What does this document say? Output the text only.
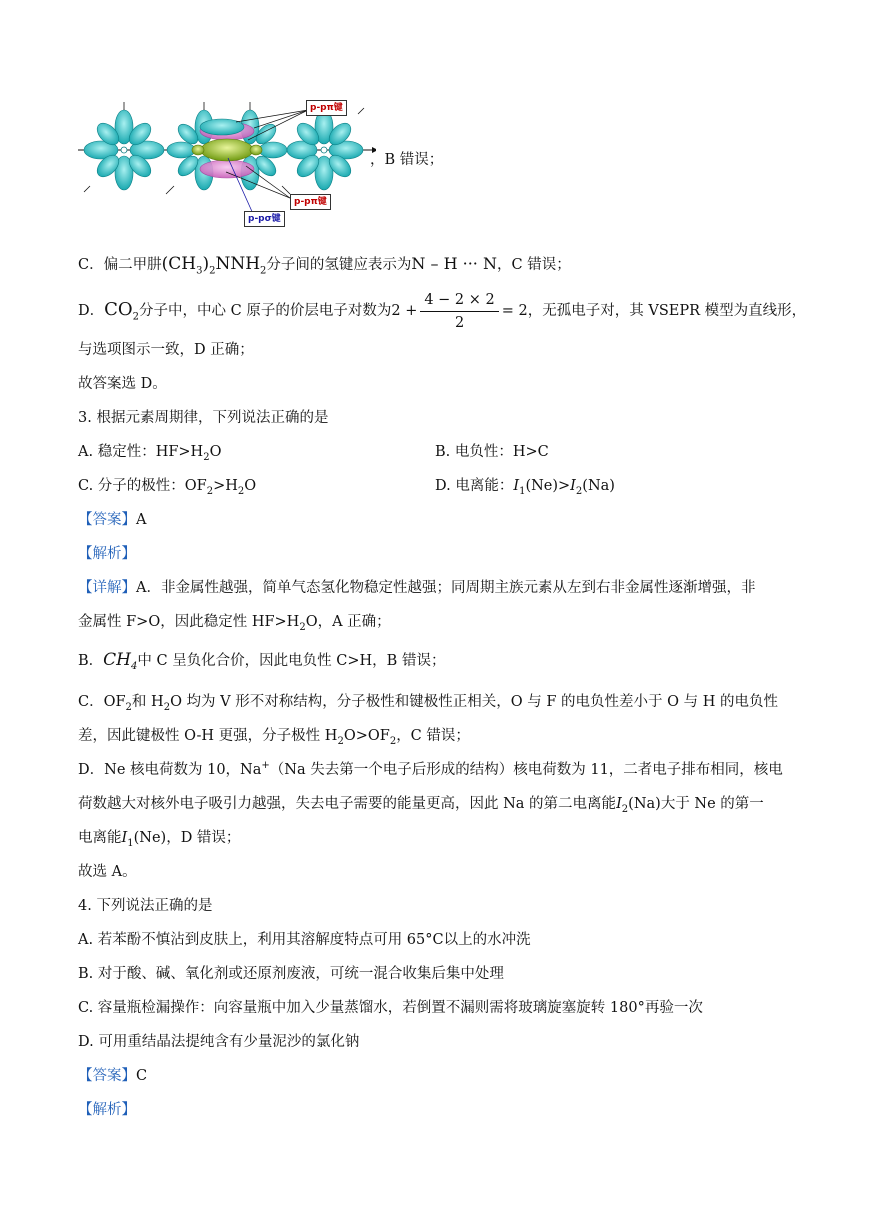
p-pπ键
p-pπ键
p-pσ键
，B 错误；
C．偏二甲肼$(CH_3)_2NNH_2$分子间的氢键应表示为N – H ··· N，C 错误；
D．$CO_2$分子中，中心 C 原子的价层电子对数为$2 + \frac{4 - 2 \times 2}{2} = 2$，无孤电子对，其 VSEPR 模型为直线形，
与选项图示一致，D 正确；
故答案选 D。
3. 根据元素周期律，下列说法正确的是
A. 稳定性：$HF>H_2O$	B. 电负性：H>C
C. 分子的极性：$OF_2>H_2O$	D. 电离能：$I_1(Ne)>I_2(Na)$
【答案】A
【解析】
【详解】A．非金属性越强，简单气态氢化物稳定性越强；同周期主族元素从左到右非金属性逐渐增强，非
金属性 F>O，因此稳定性 $HF>H_2O$，A 正确；
B．$CH_4$中 C 呈负化合价，因此电负性 C>H，B 错误；
C．$OF_2$和 $H_2O$ 均为 V 形不对称结构，分子极性和键极性正相关，O 与 F 的电负性差小于 O 与 H 的电负性
差，因此键极性 O-H 更强，分子极性 $H_2O>OF_2$，C 错误；
D．Ne 核电荷数为 10，Na+（Na 失去第一个电子后形成的结构）核电荷数为 11，二者电子排布相同，核电
荷数越大对核外电子吸引力越强，失去电子需要的能量更高，因此 Na 的第二电离能$I_2(Na)$大于 Ne 的第一
电离能$I_1(Ne)$，D 错误；
故选 A。
4. 下列说法正确的是
A. 若苯酚不慎沾到皮肤上，利用其溶解度特点可用 65°C以上的水冲洗
B. 对于酸、碱、氧化剂或还原剂废液，可统一混合收集后集中处理
C. 容量瓶检漏操作：向容量瓶中加入少量蒸馏水，若倒置不漏则需将玻璃旋塞旋转 180°再验一次
D. 可用重结晶法提纯含有少量泥沙的氯化钠
【答案】C
【解析】
